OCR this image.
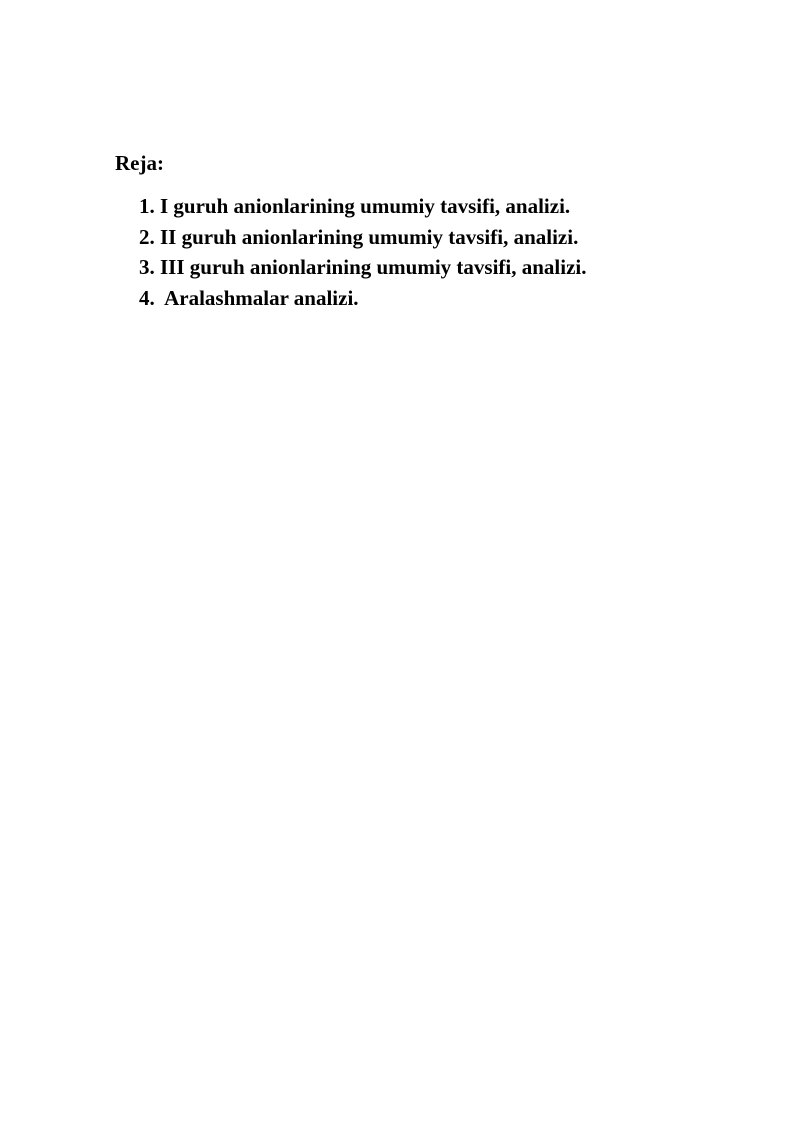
Reja:

1. I guruh anionlarining umumiy tavsifi, analizi.
2. II guruh anionlarining umumiy tavsifi, analizi.
3. III guruh anionlarining umumiy tavsifi, analizi.
4.  Aralashmalar analizi.
